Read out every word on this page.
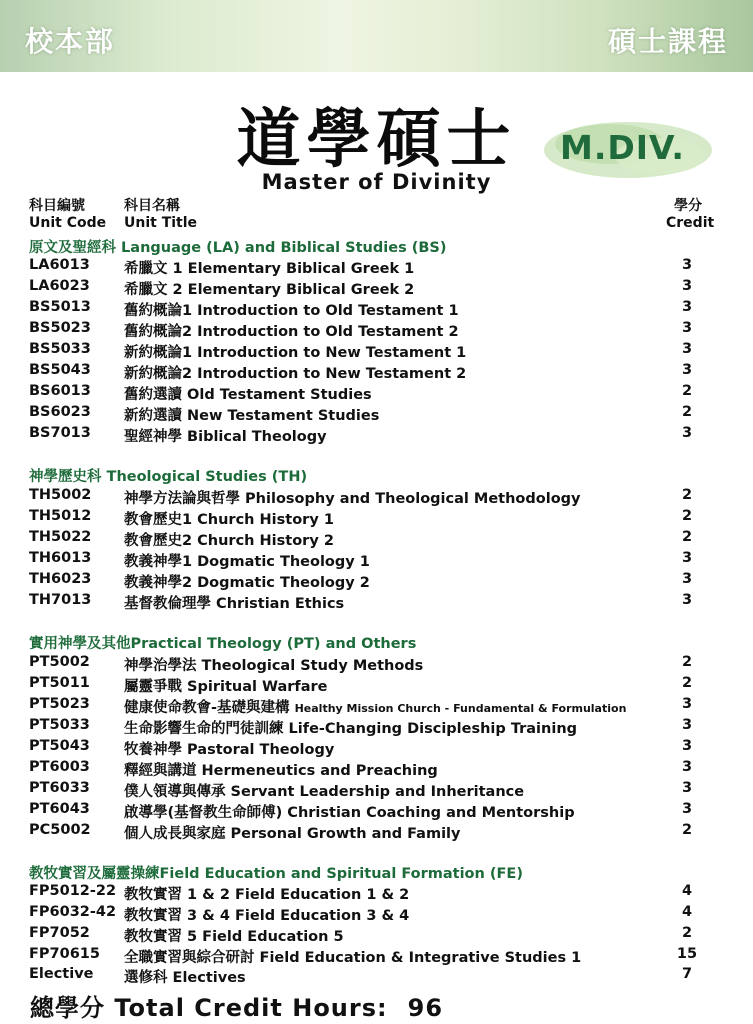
校本部	碩士課程
道學碩士	M.DIV.
Master of Divinity
科目編號	科目名稱	學分
Unit Code Unit Title	Credit
原文及聖經科 Language (LA) and Biblical Studies (BS)
LA6013 希臘文 1 Elementary Biblical Greek 1	3
LA6023 希臘文 2 Elementary Biblical Greek 2	3
BS5013 舊約概論1 Introduction to Old Testament 1	3
BS5023 舊約概論2 Introduction to Old Testament 2	3
BS5033 新約概論1 Introduction to New Testament 1	3
BS5043 新約概論2 Introduction to New Testament 2	3
BS6013 舊約選讀 Old Testament Studies	2
BS6023 新約選讀 New Testament Studies	2
BS7013 聖經神學 Biblical Theology	3
神學歷史科 Theological Studies (TH)
TH5002 神學方法論與哲學 Philosophy and Theological Methodology	2
TH5012 教會歷史1 Church History 1	2
TH5022 教會歷史2 Church History 2	2
TH6013 教義神學1 Dogmatic Theology 1	3
TH6023 教義神學2 Dogmatic Theology 2	3
TH7013 基督教倫理學 Christian Ethics	3
實用神學及其他Practical Theology (PT) and Others
PT5002 神學治學法 Theological Study Methods	2
PT5011 屬靈爭戰 Spiritual Warfare	2
PT5023 健康使命教會-基礎與建構 Healthy Mission Church - Fundamental & Formulation	3
PT5033 生命影響生命的門徒訓練 Life-Changing Discipleship Training	3
PT5043 牧養神學 Pastoral Theology	3
PT6003 釋經與講道 Hermeneutics and Preaching	3
PT6033 僕人領導與傳承 Servant Leadership and Inheritance	3
PT6043 啟導學(基督教生命師傅) Christian Coaching and Mentorship	3
PC5002 個人成長與家庭 Personal Growth and Family	2
教牧實習及屬靈操練Field Education and Spiritual Formation (FE)
FP5012-22 教牧實習 1 & 2 Field Education 1 & 2	4
FP6032-42 教牧實習 3 & 4 Field Education 3 & 4	4
FP7052 教牧實習 5 Field Education 5	2
FP70615 全職實習與綜合研討 Field Education & Integrative Studies 1	15
Elective 選修科 Electives	7
總學分 Total Credit Hours: 96
